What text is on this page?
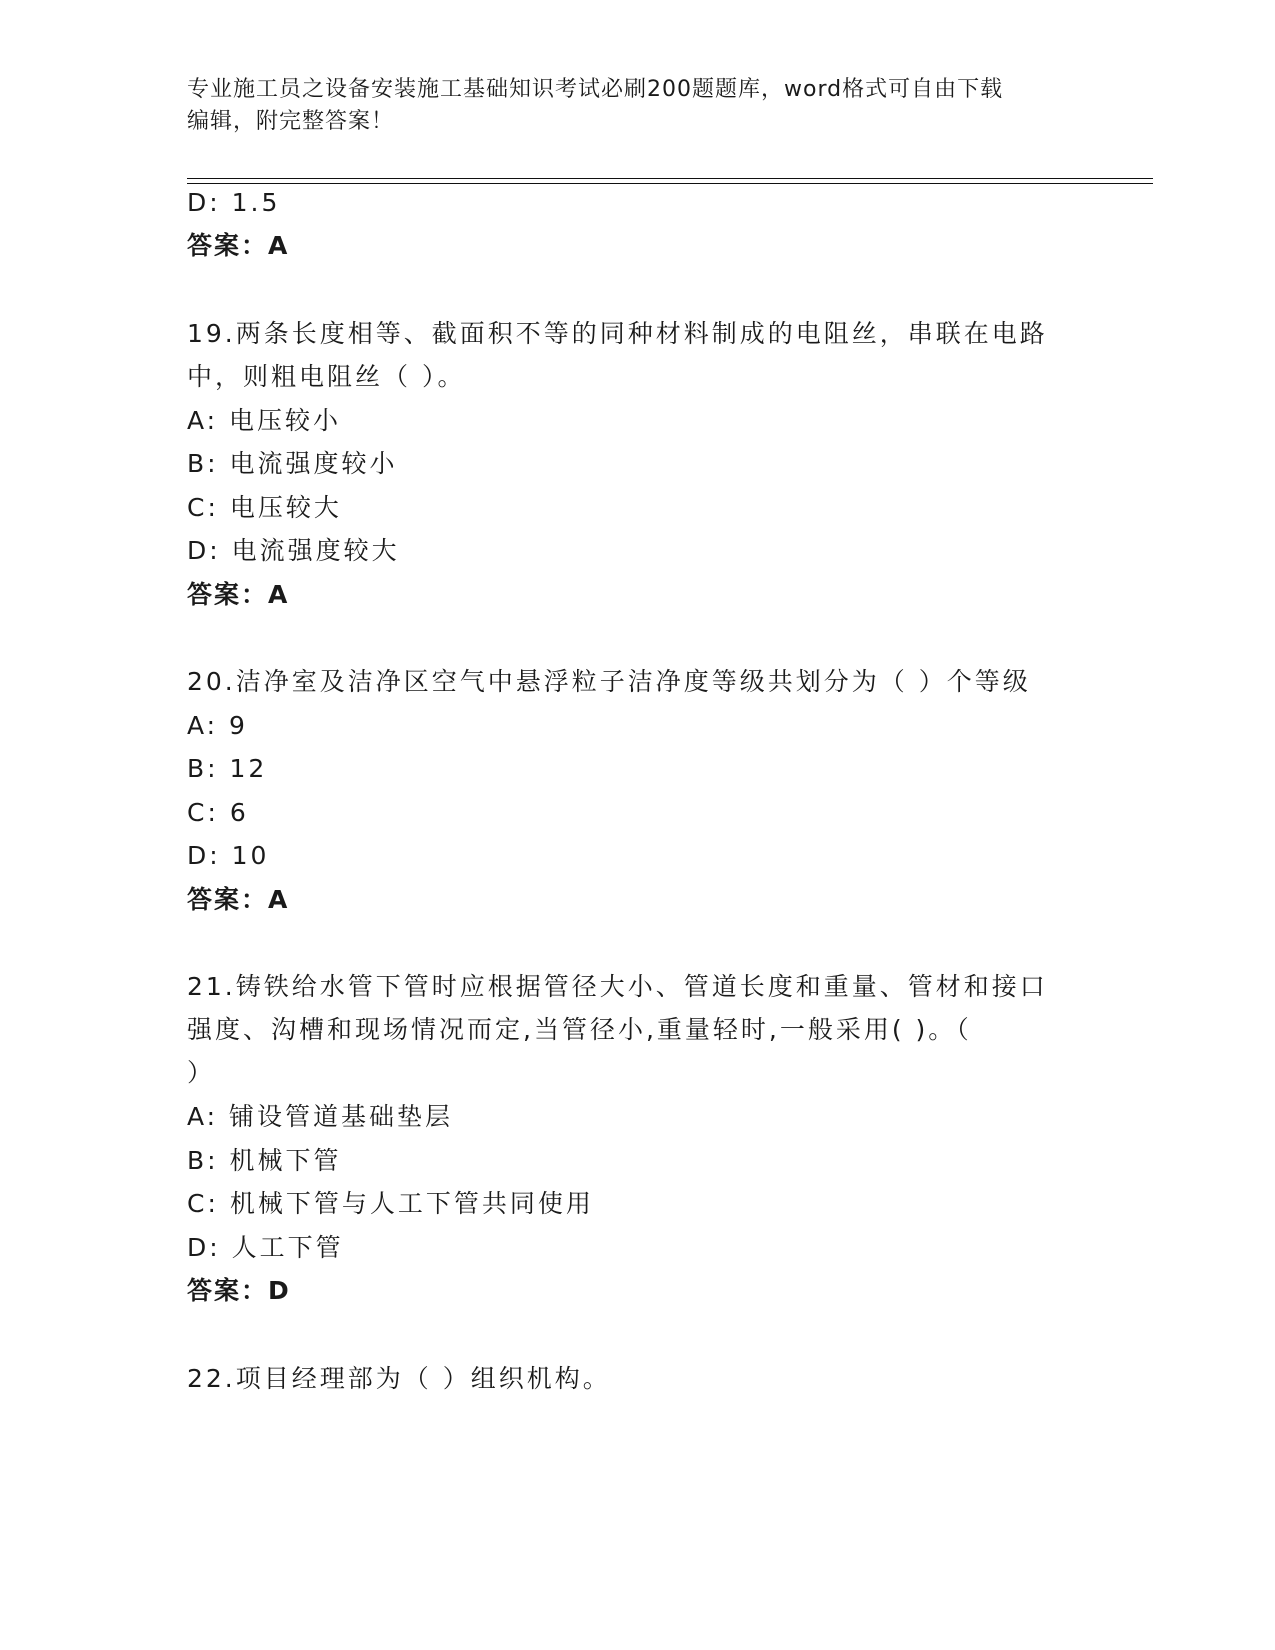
专业施工员之设备安装施工基础知识考试必刷200题题库，word格式可自由下载
编辑，附完整答案！
D: 1.5
答案：A
19.两条长度相等、截面积不等的同种材料制成的电阻丝，串联在电路
中，则粗电阻丝（ ）。
A: 电压较小
B: 电流强度较小
C: 电压较大
D: 电流强度较大
答案：A
20.洁净室及洁净区空气中悬浮粒子洁净度等级共划分为（ ）个等级
A: 9
B: 12
C: 6
D: 10
答案：A
21.铸铁给水管下管时应根据管径大小、管道长度和重量、管材和接口
强度、沟槽和现场情况而定,当管径小,重量轻时,一般采用( )。（
）
A: 铺设管道基础垫层
B: 机械下管
C: 机械下管与人工下管共同使用
D: 人工下管
答案：D
22.项目经理部为（ ）组织机构。
